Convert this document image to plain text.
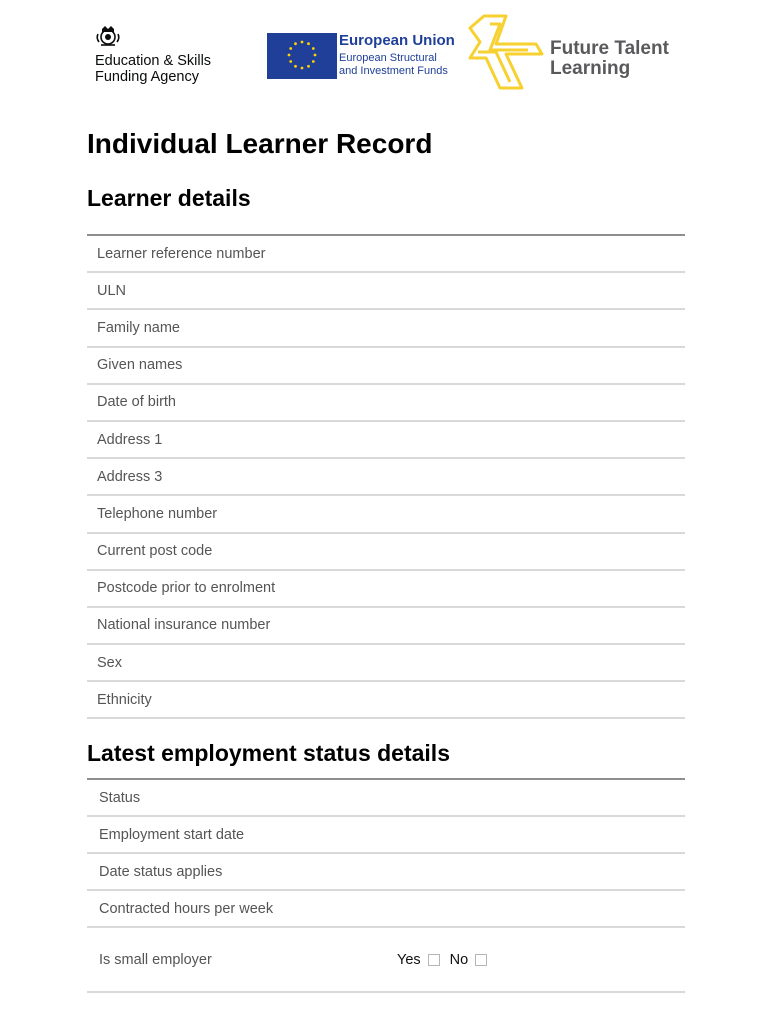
Education & Skills
Funding Agency
European Union
European Structural
and Investment Funds
Future Talent
Learning
Individual Learner Record
Learner details
Learner reference number
ULN
Family name
Given names
Date of birth
Address 1
Address 3
Telephone number
Current post code
Postcode prior to enrolment
National insurance number
Sex
Ethnicity
Latest employment status details
Status
Employment start date
Date status applies
Contracted hours per week
Is small employer	Yes No
